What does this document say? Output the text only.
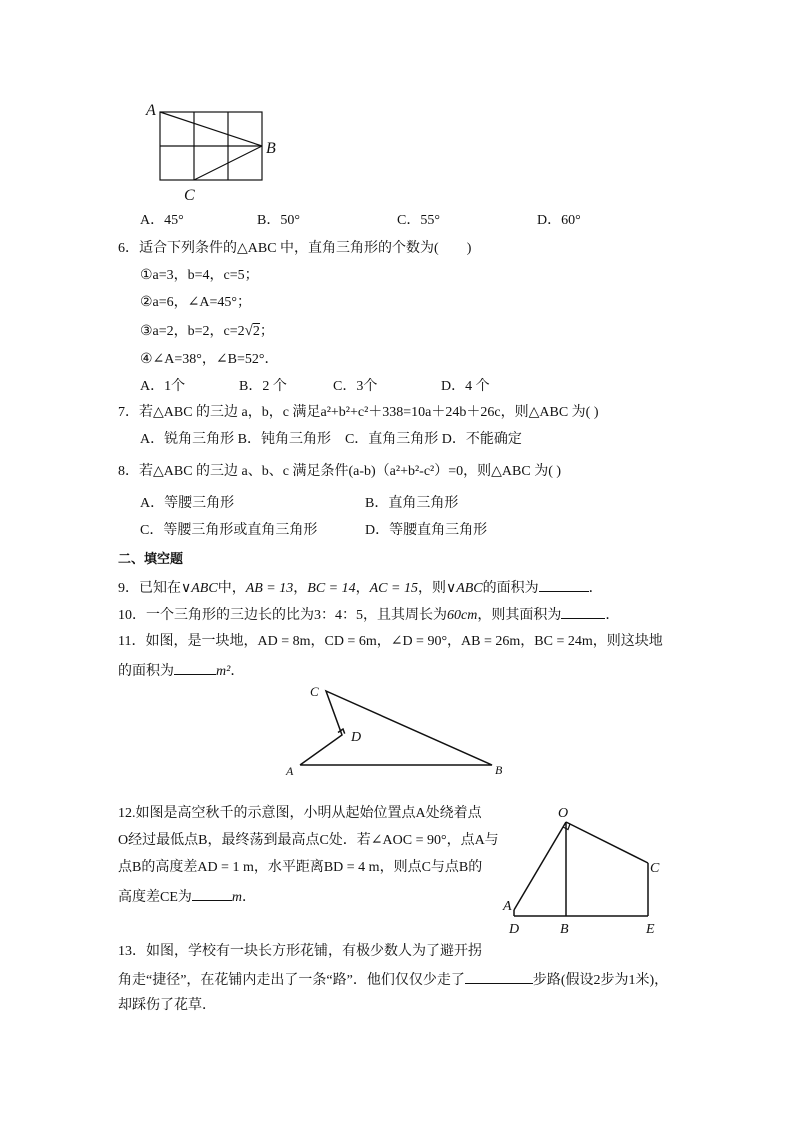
A
B
C
A．45°	B．50°	C．55°	D．60°
6．适合下列条件的△ABC 中，直角三角形的个数为(　　)
①a=3，b=4，c=5；
②a=6，∠A=45°；
③a=2，b=2，c=2√2；
④∠A=38°，∠B=52°．
A．1个	B．2 个	C．3个	D．4 个
7．若△ABC 的三边 a，b，c 满足a²+b²+c²＋338=10a＋24b＋26c，则△ABC 为( )
A．锐角三角形 B．钝角三角形    C．直角三角形 D．不能确定
8．若△ABC 的三边 a、b、c 满足条件(a-b)（a²+b²-c²）=0，则△ABC 为( )
A．等腰三角形	B．直角三角形
C．等腰三角形或直角三角形	D．等腰直角三角形
二、填空题
9．已知在∨ABC中，AB = 13，BC = 14，AC = 15，则∨ABC的面积为	．
10．一个三角形的三边长的比为3：4：5，且其周长为60cm，则其面积为	．
11．如图，是一块地，AD = 8m，CD = 6m，∠D = 90°，AB = 26m，BC = 24m，则这块地
的面积为	m²．
C
D
A	B
12.如图是高空秋千的示意图，小明从起始位置点A处绕着点
O经过最低点B，最终荡到最高点C处．若∠AOC = 90°，点A与
点B的高度差AD = 1 m，水平距离BD = 4 m，则点C与点B的
高度差CE为	m．
O
C
A
D	B	E
13．如图，学校有一块长方形花铺，有极少数人为了避开拐
角走“捷径”，在花铺内走出了一条“路”．他们仅仅少走了	步路(假设2步为1米)，
却踩伤了花草．
